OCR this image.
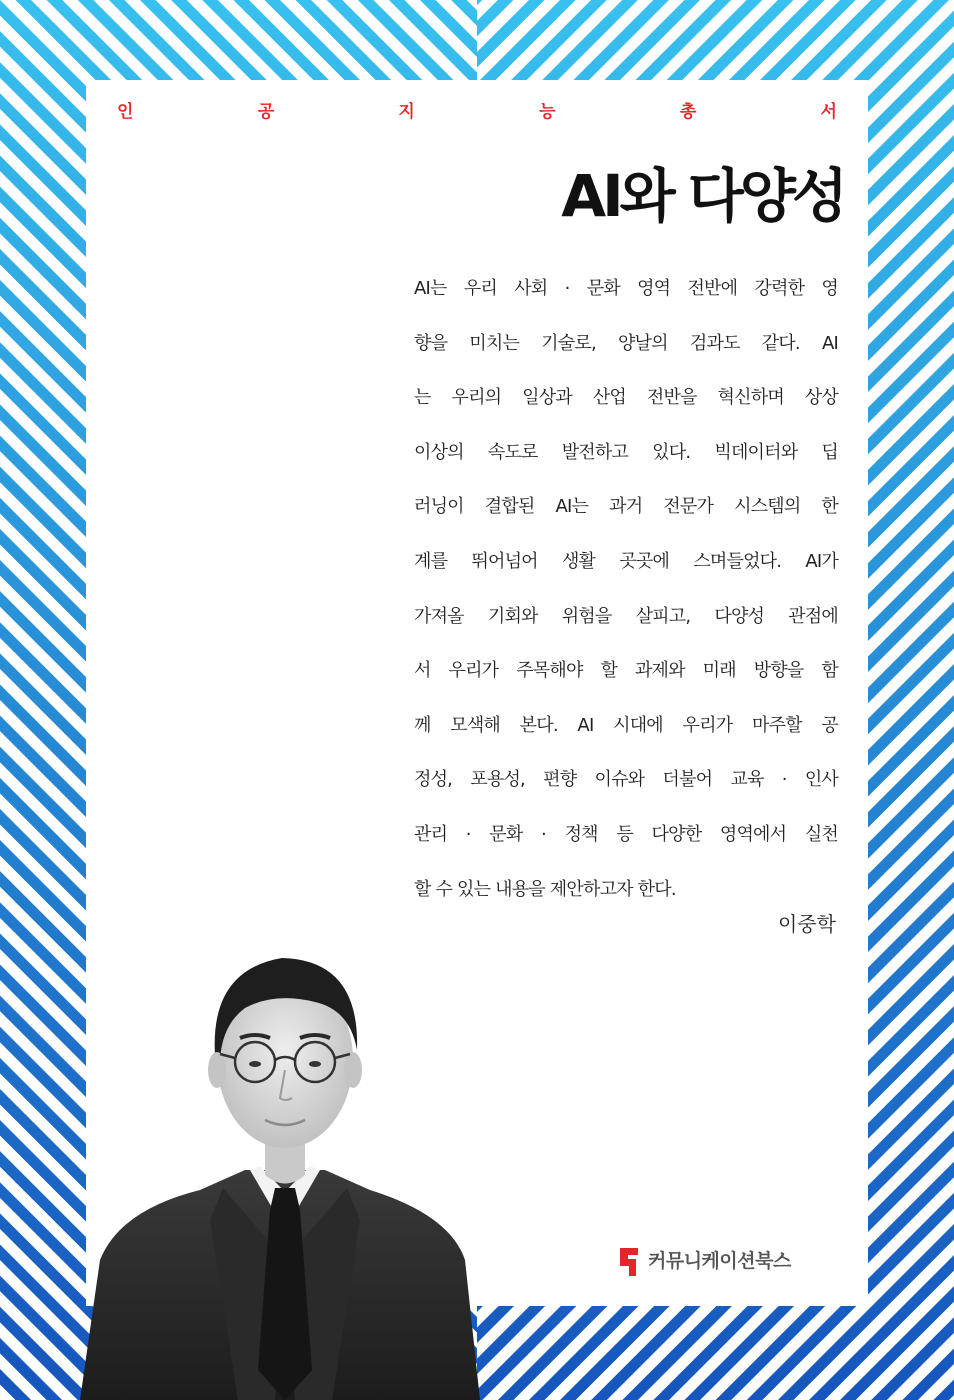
인	공	지	능	총	서
AI와 다양성

AI는 우리 사회 · 문화 영역 전반에 강력한 영
향을 미치는 기술로, 양날의 검과도 같다. AI
는 우리의 일상과 산업 전반을 혁신하며 상상
이상의 속도로 발전하고 있다. 빅데이터와 딥
러닝이 결합된 AI는 과거 전문가 시스템의 한
계를 뛰어넘어 생활 곳곳에 스며들었다. AI가
가져올 기회와 위험을 살피고, 다양성 관점에
서 우리가 주목해야 할 과제와 미래 방향을 함
께 모색해 본다. AI 시대에 우리가 마주할 공
정성, 포용성, 편향 이슈와 더불어 교육 · 인사
관리 · 문화 · 정책 등 다양한 영역에서 실천
할 수 있는 내용을 제안하고자 한다.

이중학
커뮤니케이션북스
